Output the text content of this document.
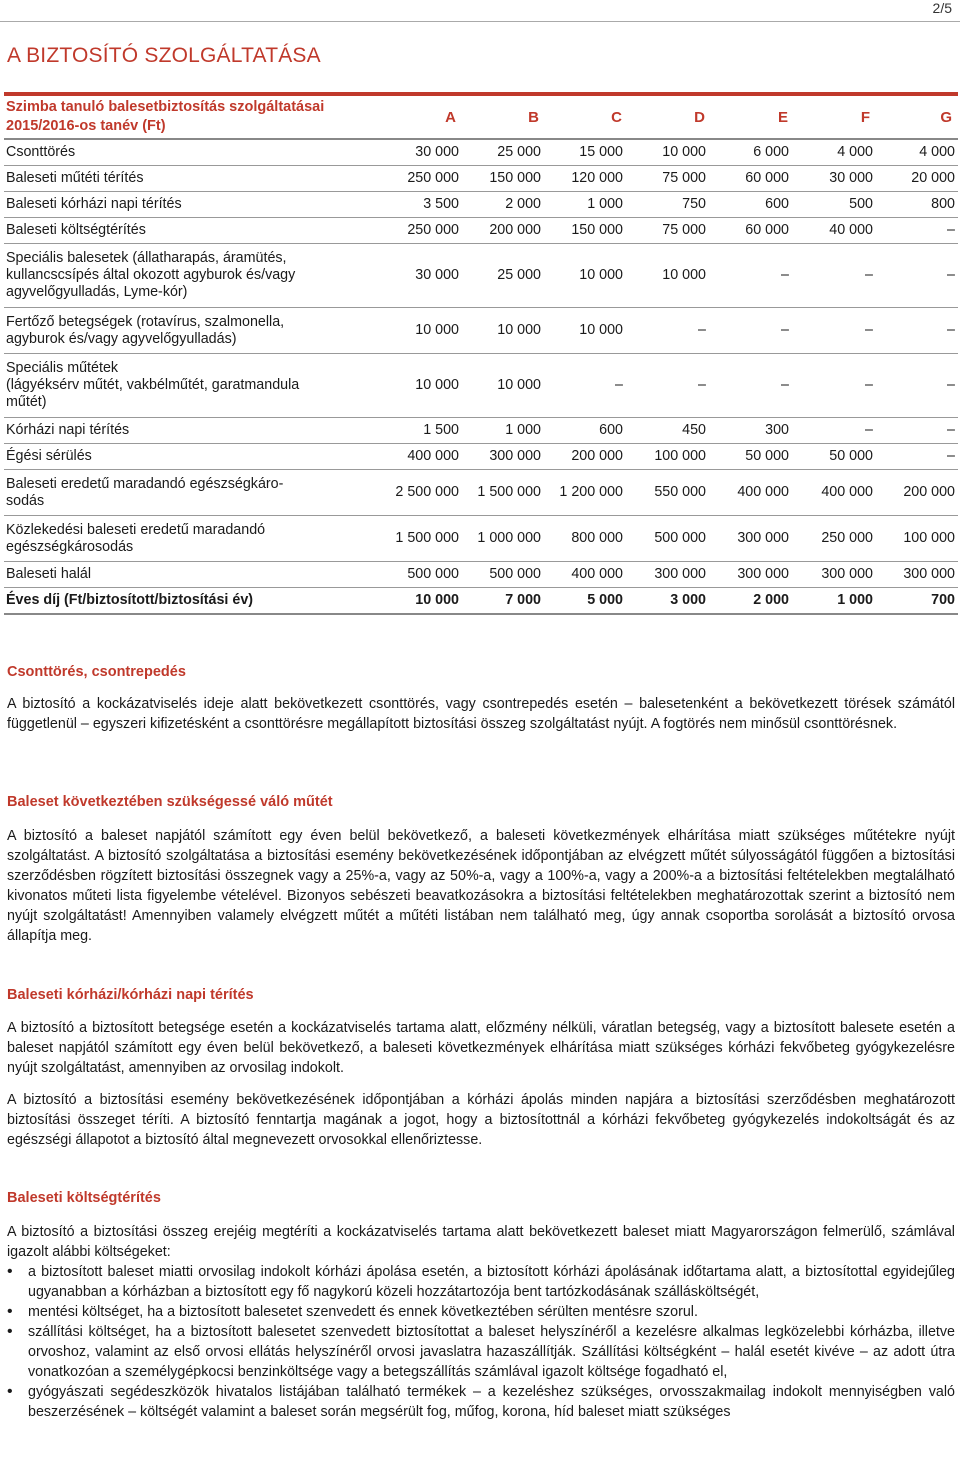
2/5
A BIZTOSÍTÓ SZOLGÁLTATÁSA
Szimba tanuló balesetbiztosítás szolgáltatásai
2015/2016-os tanév (Ft)	A	B	C	D	E	F	G
Csonttörés	30 000	25 000	15 000	10 000	6 000	4 000	4 000
Baleseti műtéti térítés	250 000	150 000	120 000	75 000	60 000	30 000	20 000
Baleseti kórházi napi térítés	3 500	2 000	1 000	750	600	500	800
Baleseti költségtérítés	250 000	200 000	150 000	75 000	60 000	40 000	–
Speciális balesetek (állatharapás, áramütés,
kullancscsípés által okozott agyburok és/vagy
agyvelőgyulladás, Lyme-kór)	30 000	25 000	10 000	10 000	–	–	–
Fertőző betegségek (rotavírus, szalmonella,
agyburok és/vagy agyvelőgyulladás)	10 000	10 000	10 000	–	–	–	–
Speciális műtétek
(lágyéksérv műtét, vakbélműtét, garatmandula
műtét)	10 000	10 000	–	–	–	–	–
Kórházi napi térítés	1 500	1 000	600	450	300	–	–
Égési sérülés	400 000	300 000	200 000	100 000	50 000	50 000	–
Baleseti eredetű maradandó egészségkáro-
sodás	2 500 000	1 500 000	1 200 000	550 000	400 000	400 000	200 000
Közlekedési baleseti eredetű maradandó
egészségkárosodás	1 500 000	1 000 000	800 000	500 000	300 000	250 000	100 000
Baleseti halál	500 000	500 000	400 000	300 000	300 000	300 000	300 000
Éves díj (Ft/biztosított/biztosítási év)	10 000	7 000	5 000	3 000	2 000	1 000	700
Csonttörés, csontrepedés

A biztosító a kockázatviselés ideje alatt bekövetkezett csonttörés, vagy csontrepedés esetén – balesetenként a bekövetkezett törések számától függetlenül – egyszeri kifizetésként a csonttörésre megállapított biztosítási összeg szolgáltatást nyújt. A fogtörés nem minősül csonttörésnek.

Baleset következtében szükségessé váló műtét

A biztosító a baleset napjától számított egy éven belül bekövetkező, a baleseti következmények elhárítása miatt szükséges műtétekre nyújt szolgáltatást. A biztosító szolgáltatása a biztosítási esemény bekövetkezésének időpontjában az elvégzett műtét súlyosságától függően a biztosítási szerződésben rögzített biztosítási összegnek vagy a 25%-a, vagy az 50%-a, vagy a 100%-a, vagy a 200%-a a biztosítási feltételekben megtalálható kivonatos műteti lista figyelembe vételével. Bizonyos sebészeti beavatkozásokra a biztosítási feltételekben meghatározottak szerint a biztosító nem nyújt szolgáltatást! Amennyiben valamely elvégzett műtét a műtéti listában nem található meg, úgy annak csoportba sorolását a biztosító orvosa állapítja meg.

Baleseti kórházi/kórházi napi térítés

A biztosító a biztosított betegsége esetén a kockázatviselés tartama alatt, előzmény nélküli, váratlan betegség, vagy a biztosított balesete esetén a baleset napjától számított egy éven belül bekövetkező, a baleseti következmények elhárítása miatt szükséges kórházi fekvőbeteg gyógykezelésre nyújt szolgáltatást, amennyiben az orvosilag indokolt.

A biztosító a biztosítási esemény bekövetkezésének időpontjában a kórházi ápolás minden napjára a biztosítási szerződésben meghatározott biztosítási összeget téríti. A biztosító fenntartja magának a jogot, hogy a biztosítottnál a kórházi fekvőbeteg gyógykezelés indokoltságát és az egészségi állapotot a biztosító által megnevezett orvosokkal ellenőriztesse.

Baleseti költségtérítés

A biztosító a biztosítási összeg erejéig megtéríti a kockázatviselés tartama alatt bekövetkezett baleset miatt Magyarországon felmerülő, számlával igazolt alábbi költségeket:

• a biztosított baleset miatti orvosilag indokolt kórházi ápolása esetén, a biztosított kórházi ápolásának időtartama alatt, a biztosítottal egyidejűleg ugyanabban a kórházban a biztosított egy fő nagykorú közeli hozzátartozója bent tartózkodásának szállásköltségét,
• mentési költséget, ha a biztosított balesetet szenvedett és ennek következtében sérülten mentésre szorul.
• szállítási költséget, ha a biztosított balesetet szenvedett biztosítottat a baleset helyszínéről a kezelésre alkalmas legközelebbi kórházba, illetve orvoshoz, valamint az első orvosi ellátás helyszínéről orvosi javaslatra hazaszállítják. Szállítási költségként – halál esetét kivéve – az adott útra vonatkozóan a személygépkocsi benzinköltsége vagy a betegszállítás számlával igazolt költsége fogadható el,
• gyógyászati segédeszközök hivatalos listájában található termékek – a kezeléshez szükséges, orvosszakmailag indokolt mennyiségben való beszerzésének – költségét valamint a baleset során megsérült fog, műfog, korona, híd baleset miatt szükséges
